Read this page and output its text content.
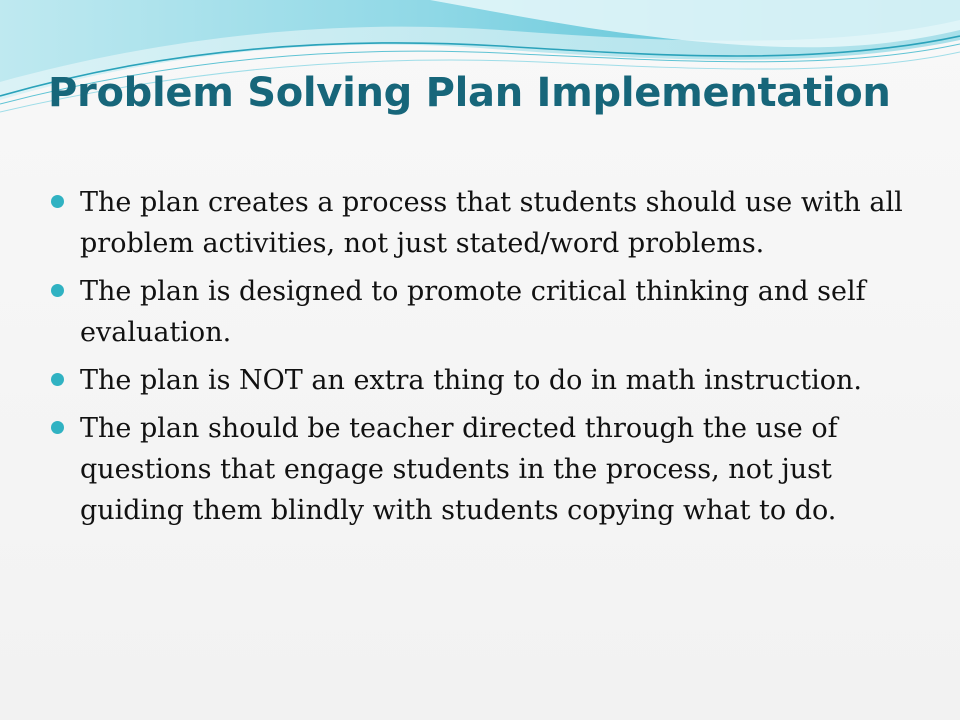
Problem Solving Plan Implementation
The plan creates a process that students should use with all problem activities, not just stated/word problems.
The plan is designed to promote critical thinking and self evaluation.
The plan is NOT an extra thing to do in math instruction.
The plan should be teacher directed through the use of questions that engage students in the process, not just guiding them blindly with students copying what to do.
